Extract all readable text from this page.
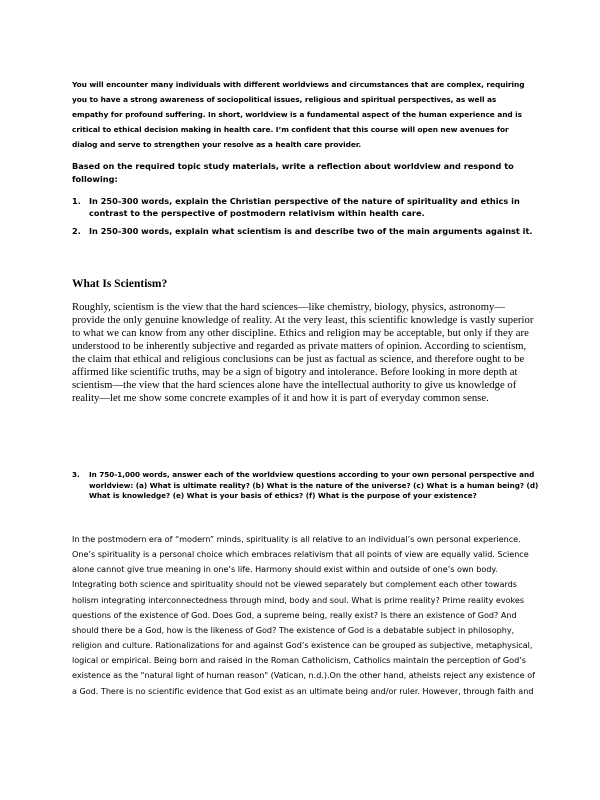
You will encounter many individuals with different worldviews and circumstances that are complex, requiring you to have a strong awareness of sociopolitical issues, religious and spiritual perspectives, as well as empathy for profound suffering. In short, worldview is a fundamental aspect of the human experience and is critical to ethical decision making in health care. I’m confident that this course will open new avenues for dialog and serve to strengthen your resolve as a health care provider.

Based on the required topic study materials, write a reflection about worldview and respond to following:

1. In 250-300 words, explain the Christian perspective of the nature of spirituality and ethics in contrast to the perspective of postmodern relativism within health care.
2. In 250-300 words, explain what scientism is and describe two of the main arguments against it.
What Is Scientism?

Roughly, scientism is the view that the hard sciences—like chemistry, biology, physics, astronomy—provide the only genuine knowledge of reality. At the very least, this scientific knowledge is vastly superior to what we can know from any other discipline. Ethics and religion may be acceptable, but only if they are understood to be inherently subjective and regarded as private matters of opinion. According to scientism, the claim that ethical and religious conclusions can be just as factual as science, and therefore ought to be affirmed like scientific truths, may be a sign of bigotry and intolerance. Before looking in more depth at scientism—the view that the hard sciences alone have the intellectual authority to give us knowledge of reality—let me show some concrete examples of it and how it is part of everyday common sense.

3.	In 750-1,000 words, answer each of the worldview questions according to your own personal perspective and worldview: (a) What is ultimate reality? (b) What is the nature of the universe? (c) What is a human being? (d) What is knowledge? (e) What is your basis of ethics? (f) What is the purpose of your existence?

In the postmodern era of “modern” minds, spirituality is all relative to an individual’s own personal experience. One’s spirituality is a personal choice which embraces relativism that all points of view are equally valid. Science alone cannot give true meaning in one’s life. Harmony should exist within and outside of one’s own body. Integrating both science and spirituality should not be viewed separately but complement each other towards holism integrating interconnectedness through mind, body and soul. What is prime reality? Prime reality evokes questions of the existence of God. Does God, a supreme being, really exist? Is there an existence of God? And should there be a God, how is the likeness of God? The existence of God is a debatable subject in philosophy, religion and culture. Rationalizations for and against God’s existence can be grouped as subjective, metaphysical, logical or empirical. Being born and raised in the Roman Catholicism, Catholics maintain the perception of God’s existence as the "natural light of human reason" (Vatican, n.d.).On the other hand, atheists reject any existence of a God. There is no scientific evidence that God exist as an ultimate being and/or ruler. However, through faith and
